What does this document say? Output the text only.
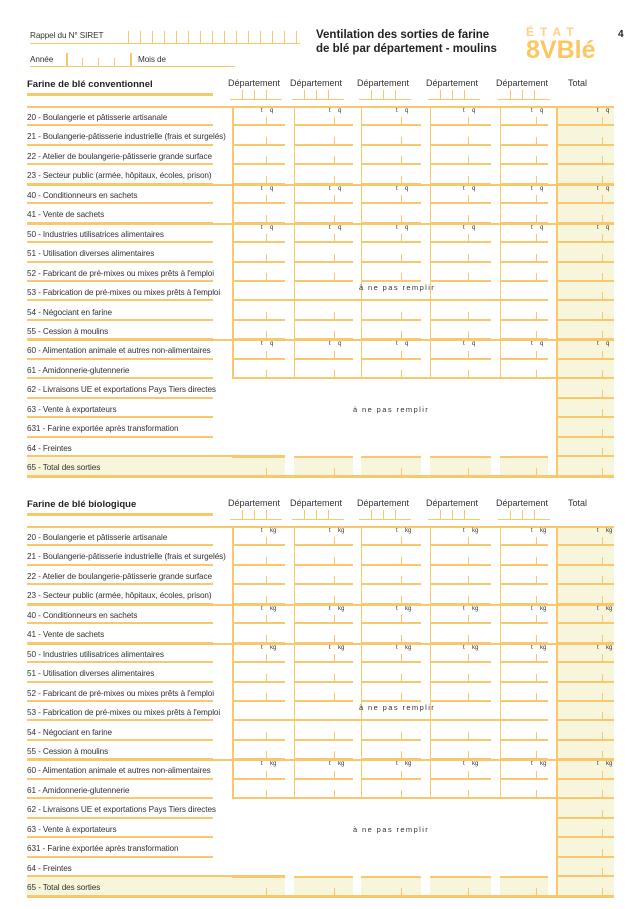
Rappel du N° SIRET
Année	Mois de
Ventilation des sorties de farine
de blé par département - moulins
ÉTAT
8VBlé
4
Farine de blé conventionnel	Département Département Département Département Département Total
20 - Boulangerie et pâtisserie artisanale
t q	t q	t q	t q	t q	t q
21 - Boulangerie-pâtisserie industrielle (frais et surgelés)
22 - Atelier de boulangerie-pâtisserie grande surface
23 - Secteur public (armée, hôpitaux, écoles, prison)
40 - Conditionneurs en sachets
t q	t q	t q	t q	t q	t q
41 - Vente de sachets
50 - Industries utilisatrices alimentaires
t q	t q	t q	t q	t q	t q
51 - Utilisation diverses alimentaires
52 - Fabricant de pré-mixes ou mixes prêts à l'emploi
53 - Fabrication de pré-mixes ou mixes prêts à l'emploi
54 - Négociant en farine
55 - Cession à moulins
60 - Alimentation animale et autres non-alimentaires
t q	t q	t q	t q	t q	t q
61 - Amidonnerie-glutennerie
62 - Livraisons UE et exportations Pays Tiers directes
63 - Vente à exportateurs
631 - Farine exportée après transformation
64 - Freintes
65 - Total des sorties
à ne pas remplir
à ne pas remplir
Farine de blé biologique	Département Département Département Département Département Total
20 - Boulangerie et pâtisserie artisanale
t kg	t kg	t kg	t kg	t kg	t kg
21 - Boulangerie-pâtisserie industrielle (frais et surgelés)
22 - Atelier de boulangerie-pâtisserie grande surface
23 - Secteur public (armée, hôpitaux, écoles, prison)
40 - Conditionneurs en sachets
t kg	t kg	t kg	t kg	t kg	t kg
41 - Vente de sachets
50 - Industries utilisatrices alimentaires
t kg	t kg	t kg	t kg	t kg	t kg
51 - Utilisation diverses alimentaires
52 - Fabricant de pré-mixes ou mixes prêts à l'emploi
53 - Fabrication de pré-mixes ou mixes prêts à l'emploi
54 - Négociant en farine
55 - Cession à moulins
60 - Alimentation animale et autres non-alimentaires
t kg	t kg	t kg	t kg	t kg	t kg
61 - Amidonnerie-glutennerie
62 - Livraisons UE et exportations Pays Tiers directes
63 - Vente à exportateurs
631 - Farine exportée après transformation
64 - Freintes
65 - Total des sorties
à ne pas remplir
à ne pas remplir
